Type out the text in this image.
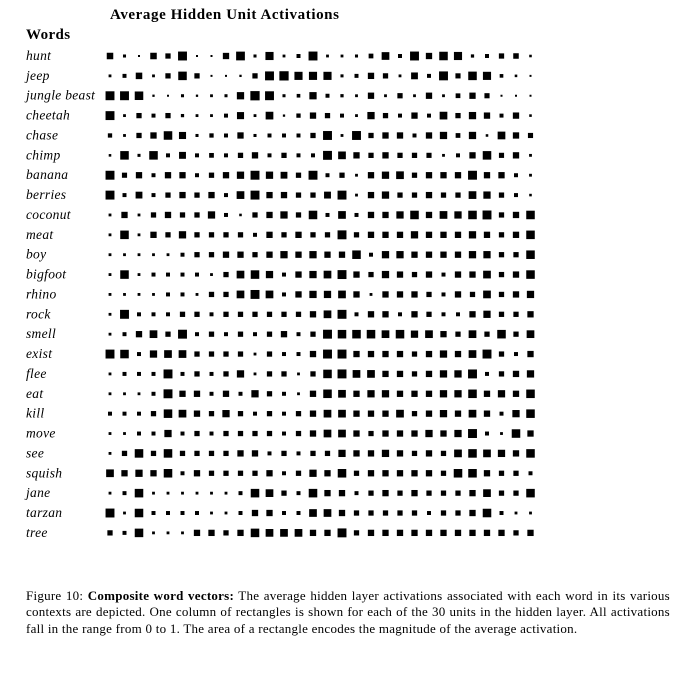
Average Hidden Unit Activations
Words
hunt
jeep
jungle beast
cheetah
chase
chimp
banana
berries
coconut
meat
boy
bigfoot
rhino
rock
smell
exist
flee
eat
kill
move
see
squish
jane
tarzan
tree

Figure 10: Composite word vectors: The average hidden layer activations associated with each word in its various contexts are depicted. One column of rectangles is shown for each of the 30 units in the hidden layer. All activations fall in the range from 0 to 1. The area of a rectangle encodes the magnitude of the average activation.
